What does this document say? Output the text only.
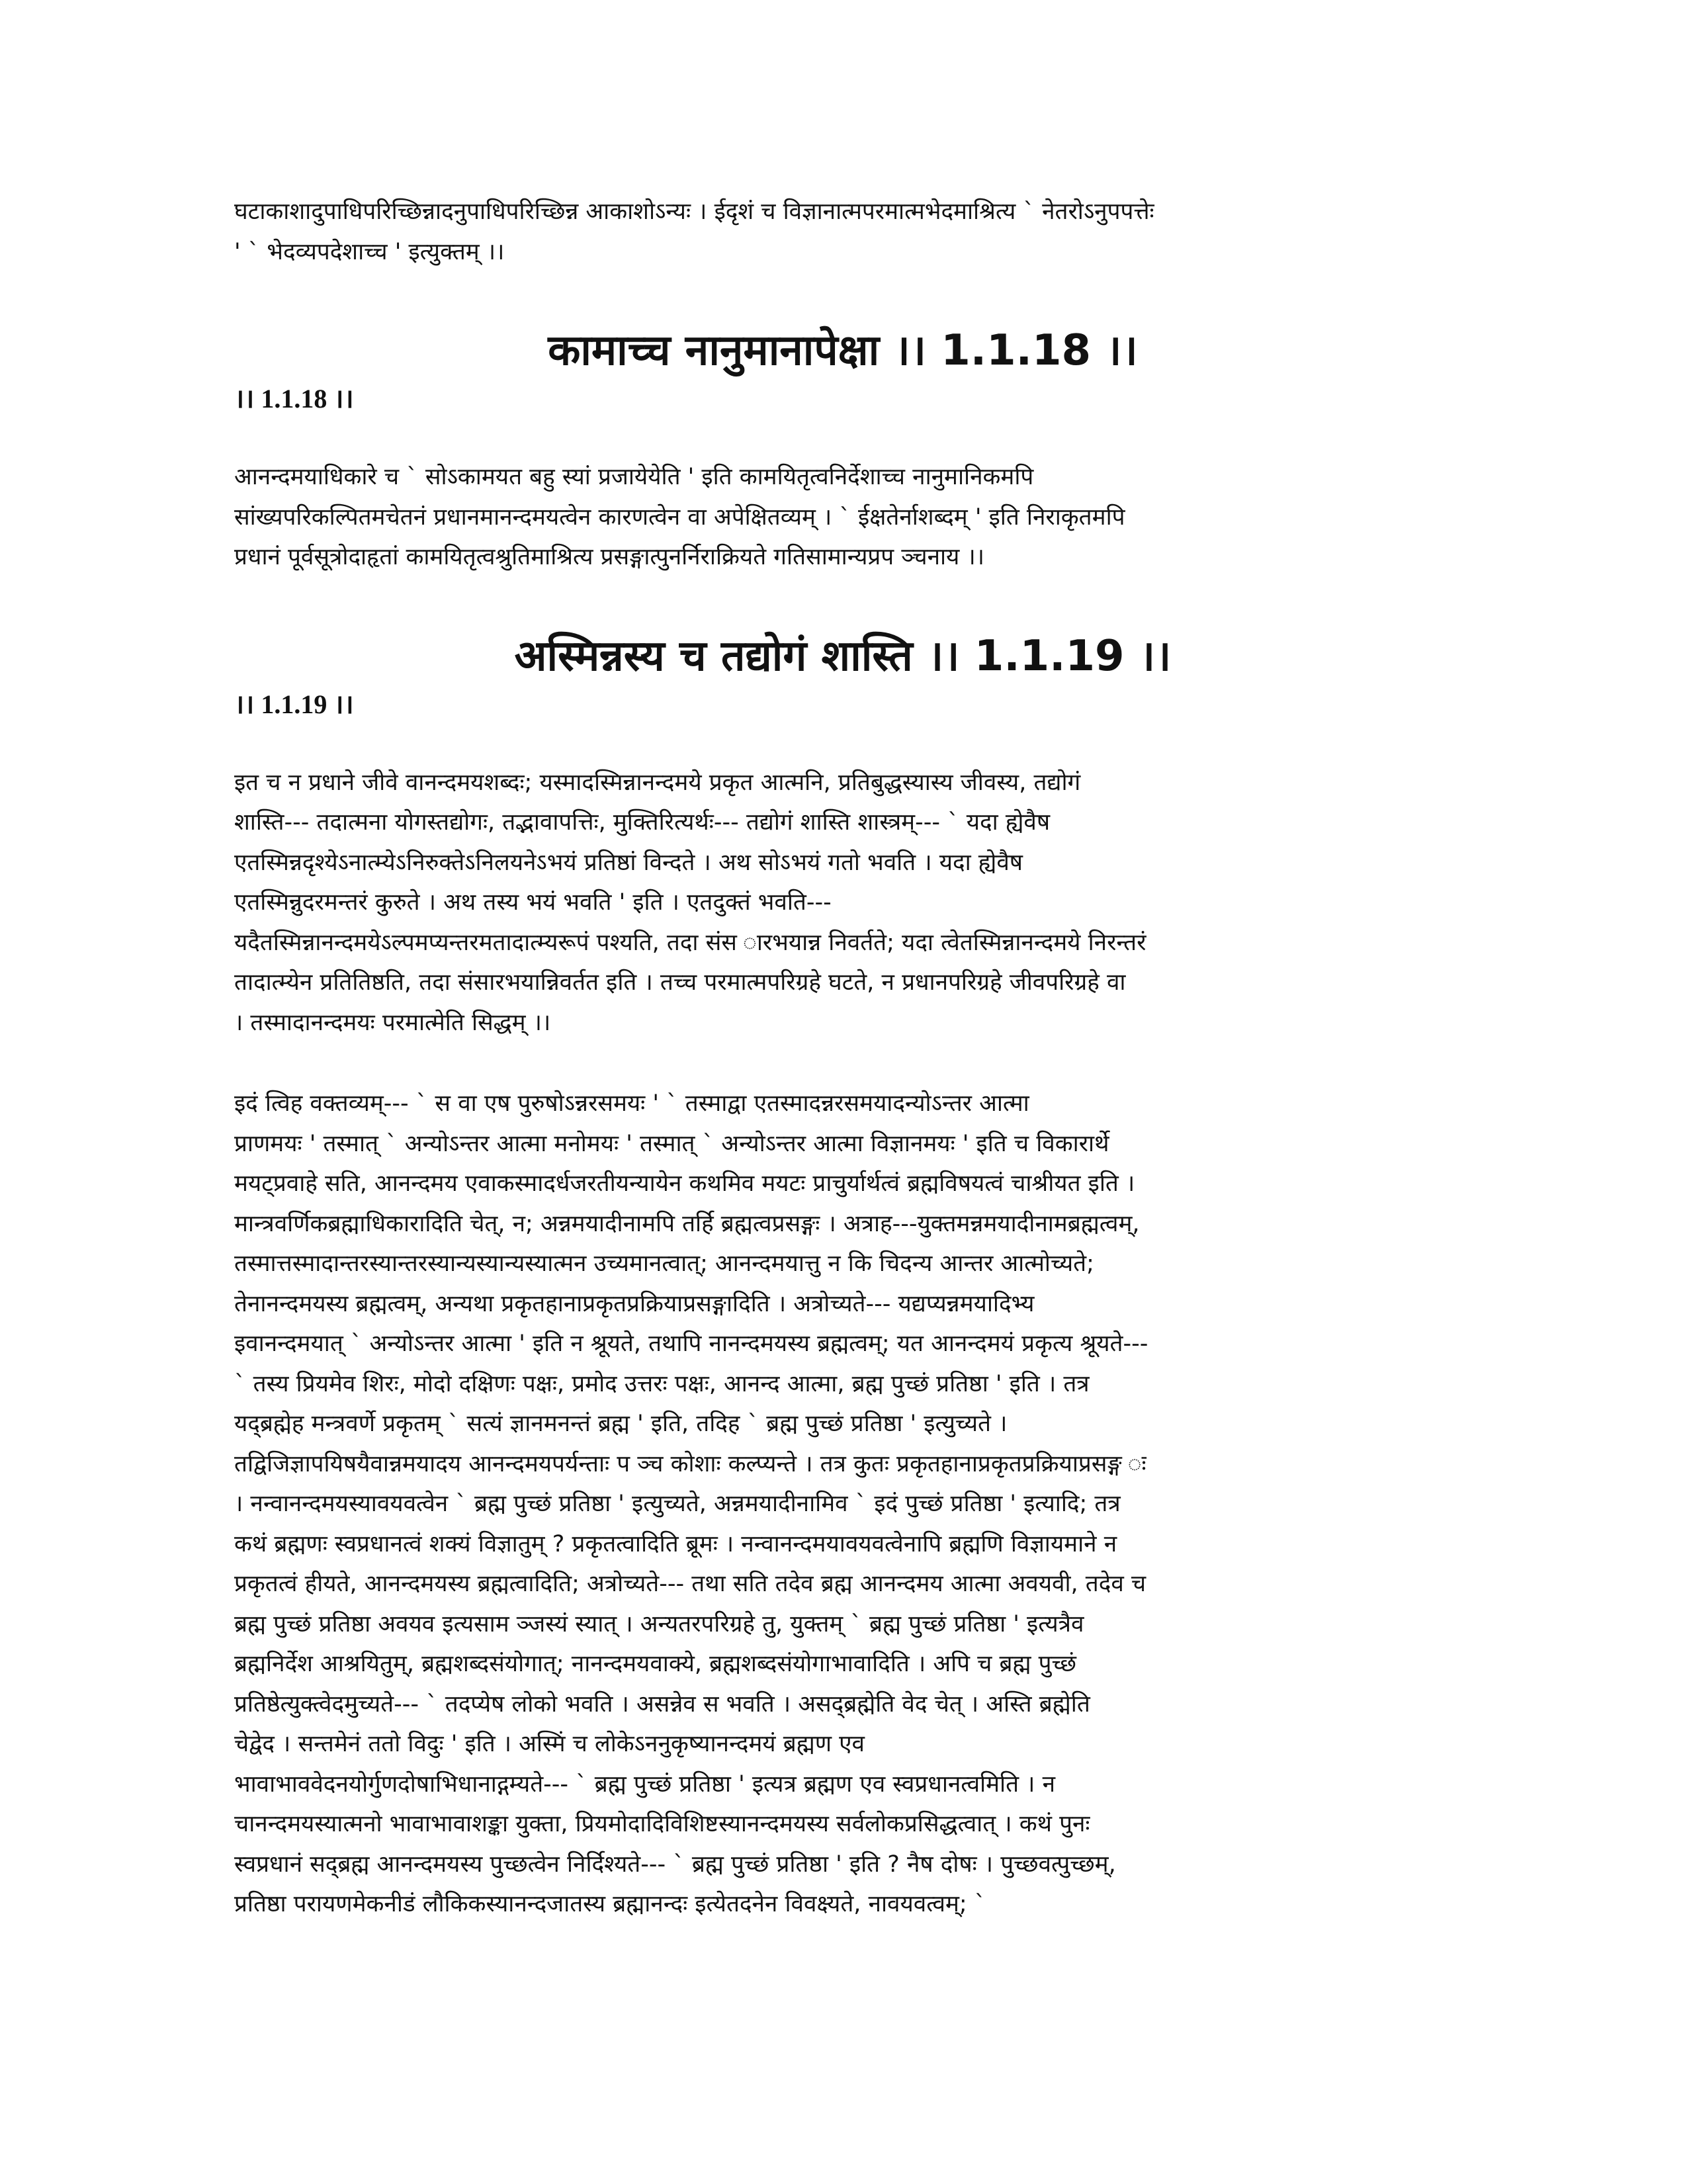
घटाकाशादुपाधिपरिच्छिन्नादनुपाधिपरिच्छिन्न आकाशोऽन्यः । ईदृशं च विज्ञानात्मपरमात्मभेदमाश्रित्य ` नेतरोऽनुपपत्तेः
' ` भेदव्यपदेशाच्च ' इत्युक्तम् ।।
कामाच्च नानुमानापेक्षा ।। 1.1.18 ।।
।। 1.1.18 ।।
आनन्दमयाधिकारे च ` सोऽकामयत बहु स्यां प्रजायेयेति ' इति कामयितृत्वनिर्देशाच्च नानुमानिकमपि
सांख्यपरिकल्पितमचेतनं प्रधानमानन्दमयत्वेन कारणत्वेन वा अपेक्षितव्यम् । ` ईक्षतेर्नाशब्दम् ' इति निराकृतमपि
प्रधानं पूर्वसूत्रोदाहृतां कामयितृत्वश्रुतिमाश्रित्य प्रसङ्गात्पुनर्निराक्रियते गतिसामान्यप्रप ञ्चनाय ।।
अस्मिन्नस्य च तद्योगं शास्ति ।। 1.1.19 ।।
।। 1.1.19 ।।
इत च न प्रधाने जीवे वानन्दमयशब्दः; यस्मादस्मिन्नानन्दमये प्रकृत आत्मनि, प्रतिबुद्धस्यास्य जीवस्य, तद्योगं
शास्ति--- तदात्मना योगस्तद्योगः, तद्भावापत्तिः, मुक्तिरित्यर्थः--- तद्योगं शास्ति शास्त्रम्--- ` यदा ह्येवैष
एतस्मिन्नदृश्येऽनात्म्येऽनिरुक्तेऽनिलयनेऽभयं प्रतिष्ठां विन्दते । अथ सोऽभयं गतो भवति । यदा ह्येवैष
एतस्मिन्नुदरमन्तरं कुरुते । अथ तस्य भयं भवति ' इति । एतदुक्तं भवति---
यदैतस्मिन्नानन्दमयेऽल्पमप्यन्तरमतादात्म्यरूपं पश्यति, तदा संस ारभयान्न निवर्तते; यदा त्वेतस्मिन्नानन्दमये निरन्तरं
तादात्म्येन प्रतितिष्ठति, तदा संसारभयान्निवर्तत इति । तच्च परमात्मपरिग्रहे घटते, न प्रधानपरिग्रहे जीवपरिग्रहे वा
। तस्मादानन्दमयः परमात्मेति सिद्धम् ।।
इदं त्विह वक्तव्यम्--- ` स वा एष पुरुषोऽन्नरसमयः ' ` तस्माद्वा एतस्मादन्नरसमयादन्योऽन्तर आत्मा
प्राणमयः ' तस्मात् ` अन्योऽन्तर आत्मा मनोमयः ' तस्मात् ` अन्योऽन्तर आत्मा विज्ञानमयः ' इति च विकारार्थे
मयट्प्रवाहे सति, आनन्दमय एवाकस्मादर्धजरतीयन्यायेन कथमिव मयटः प्राचुर्यार्थत्वं ब्रह्मविषयत्वं चाश्रीयत इति ।
मान्त्रवर्णिकब्रह्माधिकारादिति चेत्, न; अन्नमयादीनामपि तर्हि ब्रह्मत्वप्रसङ्गः । अत्राह---युक्तमन्नमयादीनामब्रह्मत्वम्,
तस्मात्तस्मादान्तरस्यान्तरस्यान्यस्यान्यस्यात्मन उच्यमानत्वात्; आनन्दमयात्तु न कि चिदन्य आन्तर आत्मोच्यते;
तेनानन्दमयस्य ब्रह्मत्वम्, अन्यथा प्रकृतहानाप्रकृतप्रक्रियाप्रसङ्गादिति । अत्रोच्यते--- यद्यप्यन्नमयादिभ्य
इवानन्दमयात् ` अन्योऽन्तर आत्मा ' इति न श्रूयते, तथापि नानन्दमयस्य ब्रह्मत्वम्; यत आनन्दमयं प्रकृत्य श्रूयते---
` तस्य प्रियमेव शिरः, मोदो दक्षिणः पक्षः, प्रमोद उत्तरः पक्षः, आनन्द आत्मा, ब्रह्म पुच्छं प्रतिष्ठा ' इति । तत्र
यद्ब्रह्मेह मन्त्रवर्णे प्रकृतम् ` सत्यं ज्ञानमनन्तं ब्रह्म ' इति, तदिह ` ब्रह्म पुच्छं प्रतिष्ठा ' इत्युच्यते ।
तद्विजिज्ञापयिषयैवान्नमयादय आनन्दमयपर्यन्ताः प ञ्च कोशाः कल्प्यन्ते । तत्र कुतः प्रकृतहानाप्रकृतप्रक्रियाप्रसङ्ग ः
। नन्वानन्दमयस्यावयवत्वेन ` ब्रह्म पुच्छं प्रतिष्ठा ' इत्युच्यते, अन्नमयादीनामिव ` इदं पुच्छं प्रतिष्ठा ' इत्यादि; तत्र
कथं ब्रह्मणः स्वप्रधानत्वं शक्यं विज्ञातुम् ? प्रकृतत्वादिति ब्रूमः । नन्वानन्दमयावयवत्वेनापि ब्रह्मणि विज्ञायमाने न
प्रकृतत्वं हीयते, आनन्दमयस्य ब्रह्मत्वादिति; अत्रोच्यते--- तथा सति तदेव ब्रह्म आनन्दमय आत्मा अवयवी, तदेव च
ब्रह्म पुच्छं प्रतिष्ठा अवयव इत्यसाम ञ्जस्यं स्यात् । अन्यतरपरिग्रहे तु, युक्तम् ` ब्रह्म पुच्छं प्रतिष्ठा ' इत्यत्रैव
ब्रह्मनिर्देश आश्रयितुम्, ब्रह्मशब्दसंयोगात्; नानन्दमयवाक्ये, ब्रह्मशब्दसंयोगाभावादिति । अपि च ब्रह्म पुच्छं
प्रतिष्ठेत्युक्त्वेदमुच्यते--- ` तदप्येष लोको भवति । असन्नेव स भवति । असद्ब्रह्मेति वेद चेत् । अस्ति ब्रह्मेति
चेद्वेद । सन्तमेनं ततो विदुः ' इति । अस्मिं च लोकेऽननुकृष्यानन्दमयं ब्रह्मण एव
भावाभाववेदनयोर्गुणदोषाभिधानाद्गम्यते--- ` ब्रह्म पुच्छं प्रतिष्ठा ' इत्यत्र ब्रह्मण एव स्वप्रधानत्वमिति । न
चानन्दमयस्यात्मनो भावाभावाशङ्का युक्ता, प्रियमोदादिविशिष्टस्यानन्दमयस्य सर्वलोकप्रसिद्धत्वात् । कथं पुनः
स्वप्रधानं सद्ब्रह्म आनन्दमयस्य पुच्छत्वेन निर्दिश्यते--- ` ब्रह्म पुच्छं प्रतिष्ठा ' इति ? नैष दोषः । पुच्छवत्पुच्छम्,
प्रतिष्ठा परायणमेकनीडं लौकिकस्यानन्दजातस्य ब्रह्मानन्दः इत्येतदनेन विवक्ष्यते, नावयवत्वम्; `
